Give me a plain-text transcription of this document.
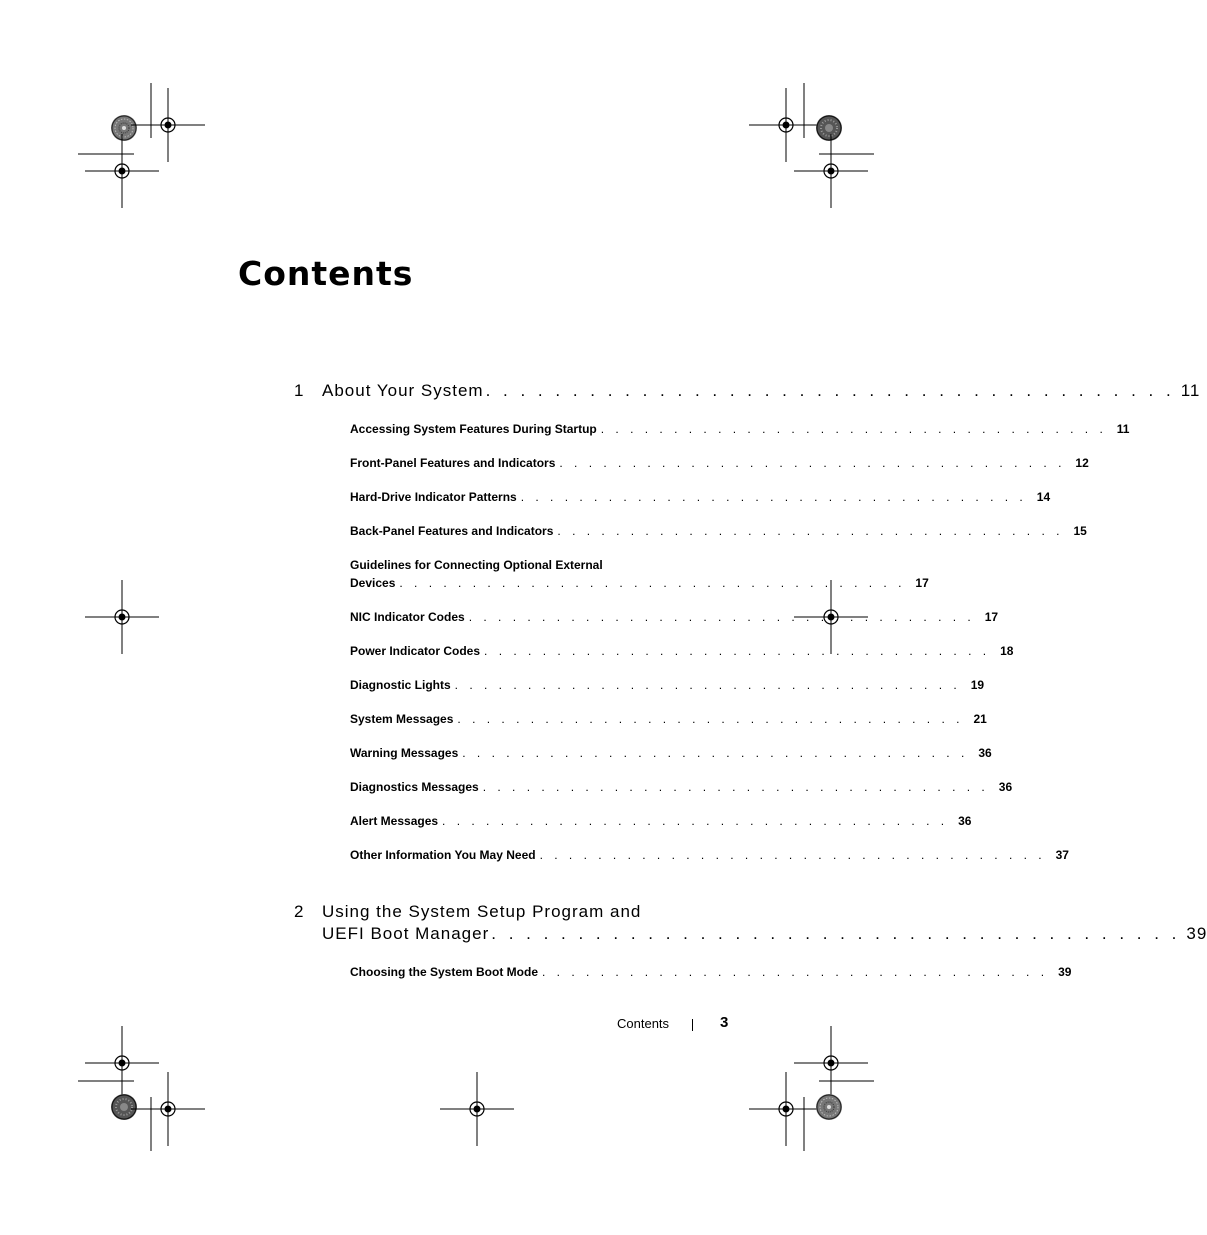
Contents
1 About Your System . . . . . . . . . . . . . . . . . . . . . . . . . . . . . . . . . . . . . . . . 11
Accessing System Features During Startup . . . . . . . . . . . . . . . . . . . . . . . . . . . . . . . . . . . 11
Front-Panel Features and Indicators . . . . . . . . . . . . . . . . . . . . . . . . . . . . . . . . . . . 12
Hard-Drive Indicator Patterns . . . . . . . . . . . . . . . . . . . . . . . . . . . . . . . . . . . 14
Back-Panel Features and Indicators . . . . . . . . . . . . . . . . . . . . . . . . . . . . . . . . . . . 15
Guidelines for Connecting Optional External
Devices . . . . . . . . . . . . . . . . . . . . . . . . . . . . . . . . . . . 17
NIC Indicator Codes . . . . . . . . . . . . . . . . . . . . . . . . . . . . . . . . . . . 17
Power Indicator Codes . . . . . . . . . . . . . . . . . . . . . . . . . . . . . . . . . . . 18
Diagnostic Lights . . . . . . . . . . . . . . . . . . . . . . . . . . . . . . . . . . . 19
System Messages . . . . . . . . . . . . . . . . . . . . . . . . . . . . . . . . . . . 21
Warning Messages . . . . . . . . . . . . . . . . . . . . . . . . . . . . . . . . . . . 36
Diagnostics Messages . . . . . . . . . . . . . . . . . . . . . . . . . . . . . . . . . . . 36
Alert Messages . . . . . . . . . . . . . . . . . . . . . . . . . . . . . . . . . . . 36
Other Information You May Need . . . . . . . . . . . . . . . . . . . . . . . . . . . . . . . . . . . 37
2 Using the System Setup Program and
UEFI Boot Manager . . . . . . . . . . . . . . . . . . . . . . . . . . . . . . . . . . . . . . . . 39
Choosing the System Boot Mode . . . . . . . . . . . . . . . . . . . . . . . . . . . . . . . . . . . 39
Contents	3
